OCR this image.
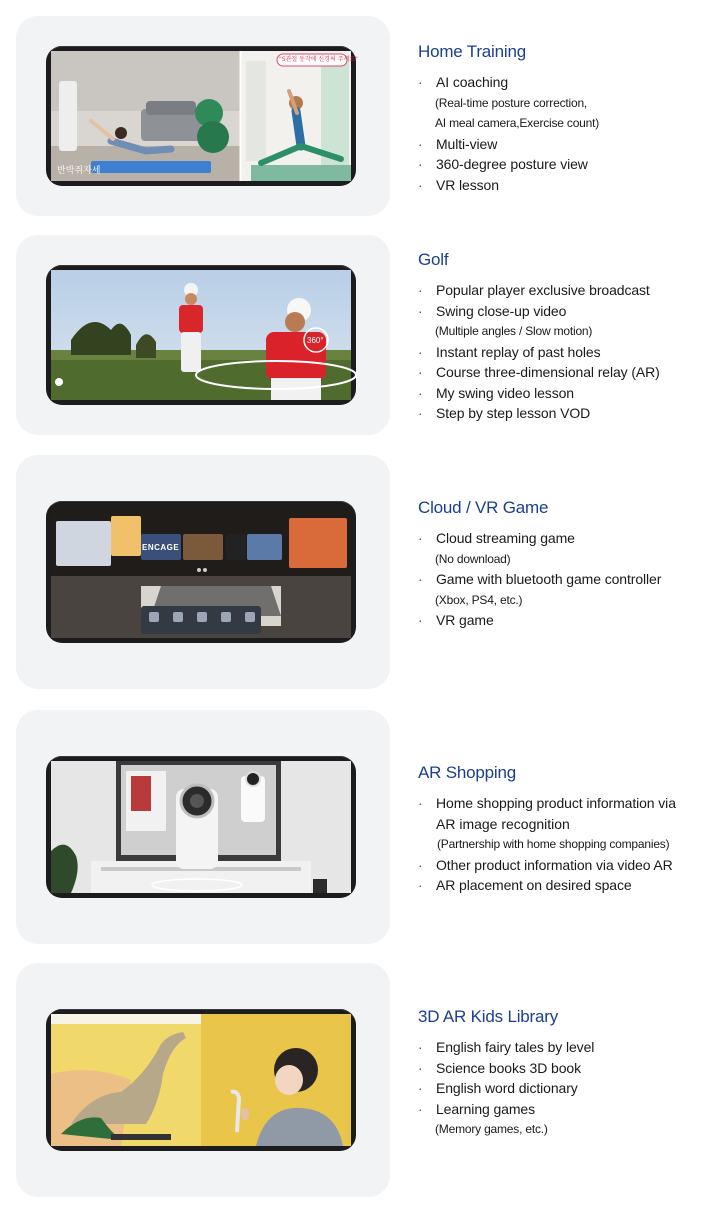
반박쥐자세
"S관절 동작에 신경써 주세요"	Home Training
· AI coaching
(Real-time posture correction,
AI meal camera,Exercise count)
· Multi-view
· 360-degree posture view
· VR lesson
360°
Golf
· Popular player exclusive broadcast
· Swing close-up video
(Multiple angles / Slow motion)
· Instant replay of past holes
· Course three-dimensional relay (AR)
· My swing video lesson
· Step by step lesson VOD
ENCAGE
Cloud / VR Game
· Cloud streaming game
(No download)
· Game with bluetooth game controller
(Xbox, PS4, etc.)
· VR game
AR Shopping
· Home shopping product information via
AR image recognition
(Partnership with home shopping companies)
· Other product information via video AR
· AR placement on desired space
3D AR Kids Library
· English fairy tales by level
· Science books 3D book
· English word dictionary
· Learning games
(Memory games, etc.)
